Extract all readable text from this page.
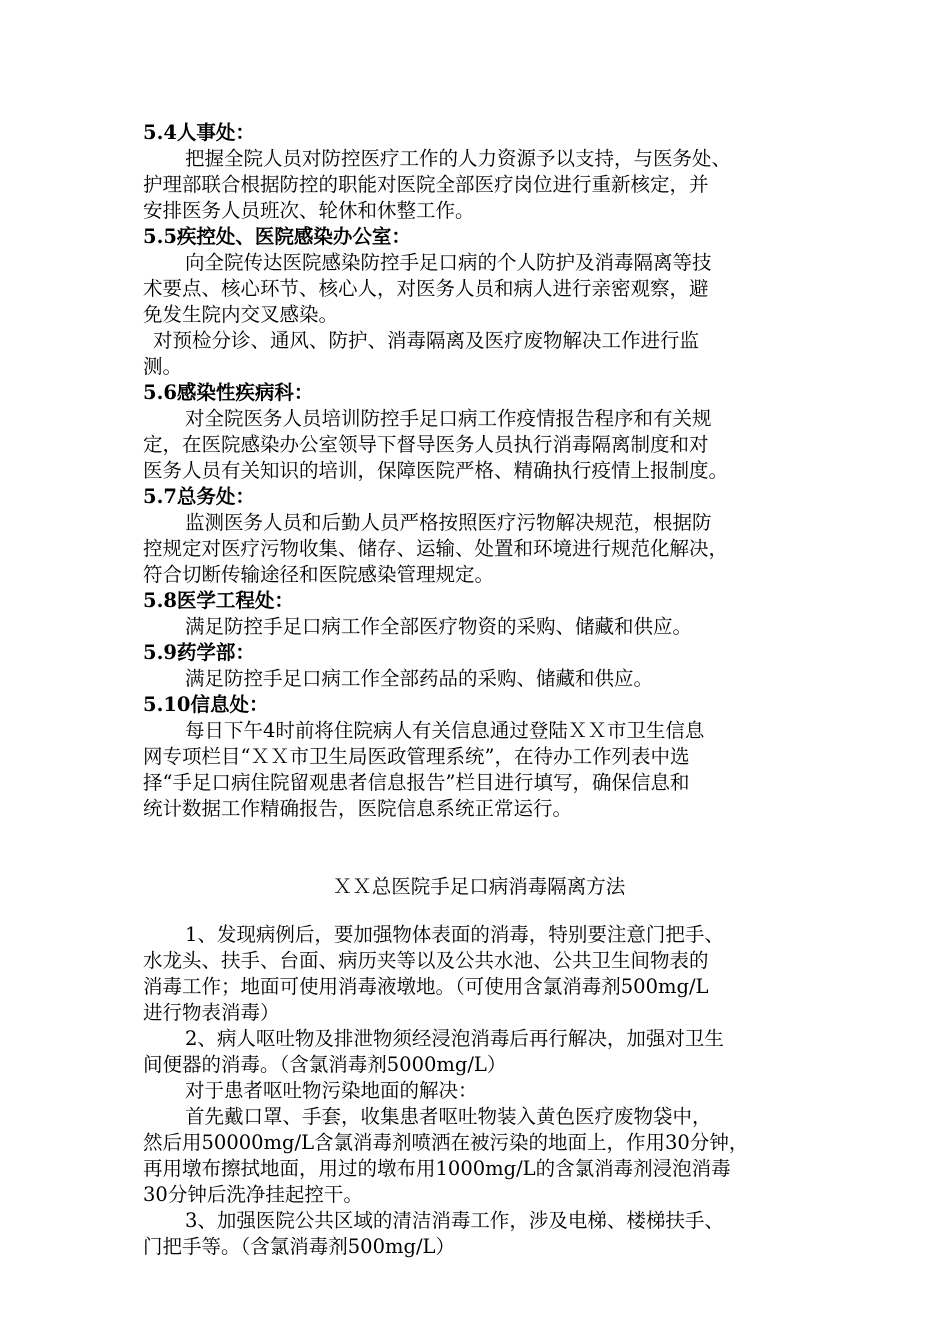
5.4人事处：
把握全院人员对防控医疗工作的人力资源予以支持，与医务处、
护理部联合根据防控的职能对医院全部医疗岗位进行重新核定，并
安排医务人员班次、轮休和休整工作。
5.5疾控处、医院感染办公室：
向全院传达医院感染防控手足口病的个人防护及消毒隔离等技
术要点、核心环节、核心人，对医务人员和病人进行亲密观察，避
免发生院内交叉感染。
对预检分诊、通风、防护、消毒隔离及医疗废物解决工作进行监
测。
5.6感染性疾病科：
对全院医务人员培训防控手足口病工作疫情报告程序和有关规
定，在医院感染办公室领导下督导医务人员执行消毒隔离制度和对
医务人员有关知识的培训，保障医院严格、精确执行疫情上报制度。
5.7总务处：
监测医务人员和后勤人员严格按照医疗污物解决规范，根据防
控规定对医疗污物收集、储存、运输、处置和环境进行规范化解决，
符合切断传输途径和医院感染管理规定。
5.8医学工程处：
满足防控手足口病工作全部医疗物资的采购、储藏和供应。
5.9药学部：
满足防控手足口病工作全部药品的采购、储藏和供应。
5.10信息处：
每日下午4时前将住院病人有关信息通过登陆ＸＸ市卫生信息
网专项栏目“ＸＸ市卫生局医政管理系统”，在待办工作列表中选
择“手足口病住院留观患者信息报告”栏目进行填写，确保信息和
统计数据工作精确报告，医院信息系统正常运行。
ＸＸ总医院手足口病消毒隔离方法
1、发现病例后，要加强物体表面的消毒，特别要注意门把手、
水龙头、扶手、台面、病历夹等以及公共水池、公共卫生间物表的
消毒工作；地面可使用消毒液墩地。（可使用含氯消毒剂500mg/L
进行物表消毒）
2、病人呕吐物及排泄物须经浸泡消毒后再行解决，加强对卫生
间便器的消毒。（含氯消毒剂5000mg/L）
对于患者呕吐物污染地面的解决：
首先戴口罩、手套，收集患者呕吐物装入黄色医疗废物袋中，
然后用50000mg/L含氯消毒剂喷洒在被污染的地面上，作用30分钟，
再用墩布擦拭地面，用过的墩布用1000mg/L的含氯消毒剂浸泡消毒
30分钟后洗净挂起控干。
3、加强医院公共区域的清洁消毒工作，涉及电梯、楼梯扶手、
门把手等。（含氯消毒剂500mg/L）
